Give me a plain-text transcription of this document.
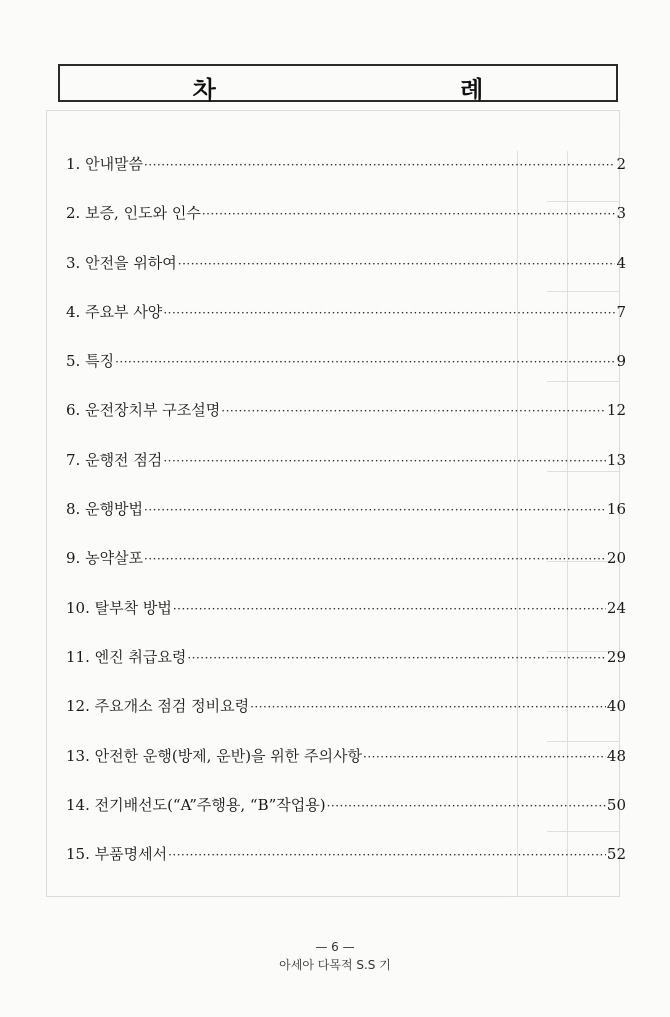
차 례
1. 안내말씀 ·····	2
2. 보증, 인도와 인수 ·····	3
3. 안전을 위하여 ·····	4
4. 주요부 사양 ·····	7
5. 특징 ·····	9
6. 운전장치부 구조설명 ·····	12
7. 운행전 점검 ·····	13
8. 운행방법 ·····	16
9. 농약살포 ·····	20
10. 탈부착 방법 ·····	24
11. 엔진 취급요령 ·····	29
12. 주요개소 점검 정비요령 ·····	40
13. 안전한 운행(방제, 운반)을 위한 주의사항 ·····	48
14. 전기배선도(“A”주행용, “B”작업용) ·····	50
15. 부품명세서 ·····	52
— 6 —
아세아 다목적 S.S 기
